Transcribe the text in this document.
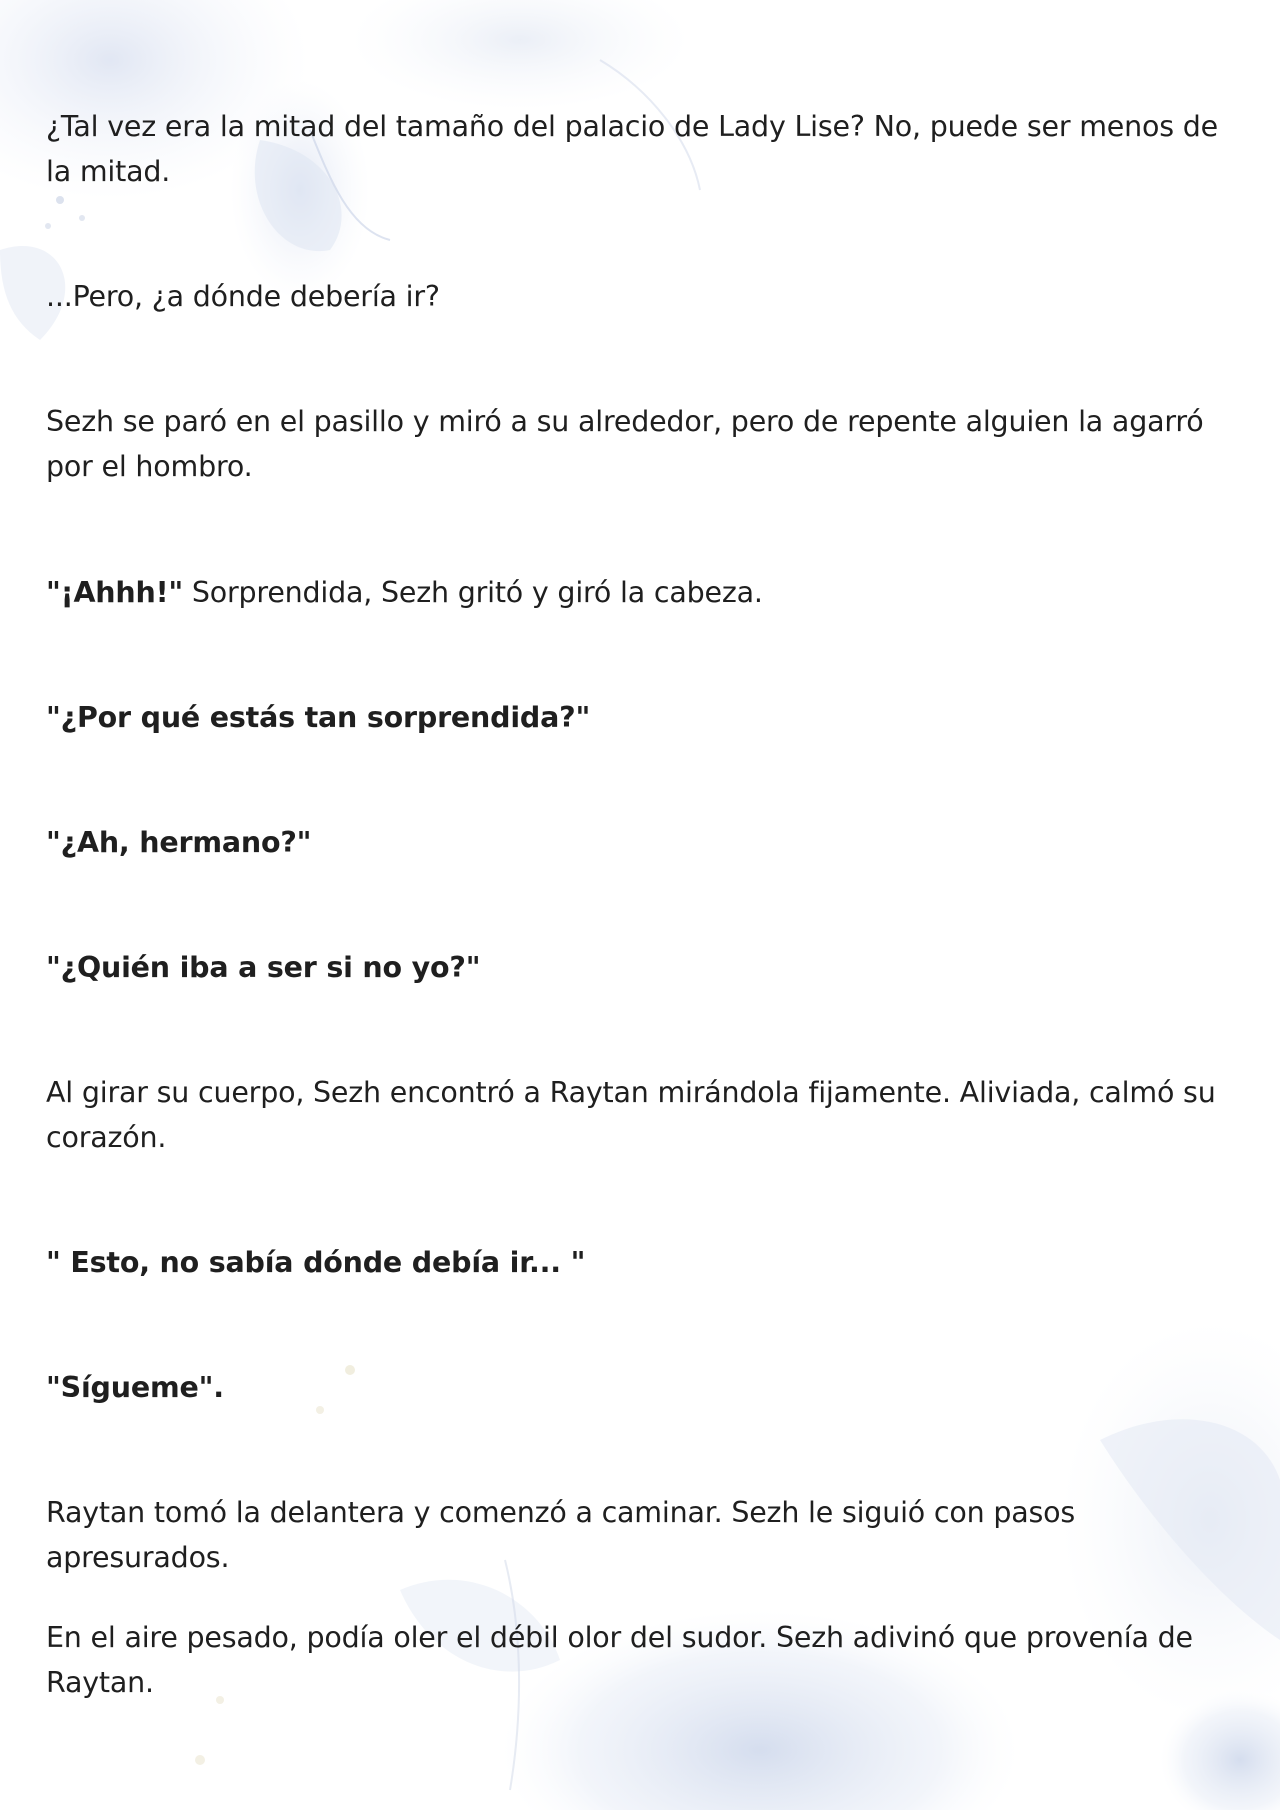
¿Tal vez era la mitad del tamaño del palacio de Lady Lise? No, puede ser menos de la mitad.

...Pero, ¿a dónde debería ir?

Sezh se paró en el pasillo y miró a su alrededor, pero de repente alguien la agarró por el hombro.

"¡Ahhh!" Sorprendida, Sezh gritó y giró la cabeza.

"¿Por qué estás tan sorprendida?"

"¿Ah, hermano?"

"¿Quién iba a ser si no yo?"

Al girar su cuerpo, Sezh encontró a Raytan mirándola fijamente. Aliviada, calmó su corazón.

" Esto, no sabía dónde debía ir... "

"Sígueme".

Raytan tomó la delantera y comenzó a caminar. Sezh le siguió con pasos apresurados.

En el aire pesado, podía oler el débil olor del sudor. Sezh adivinó que provenía de Raytan.
